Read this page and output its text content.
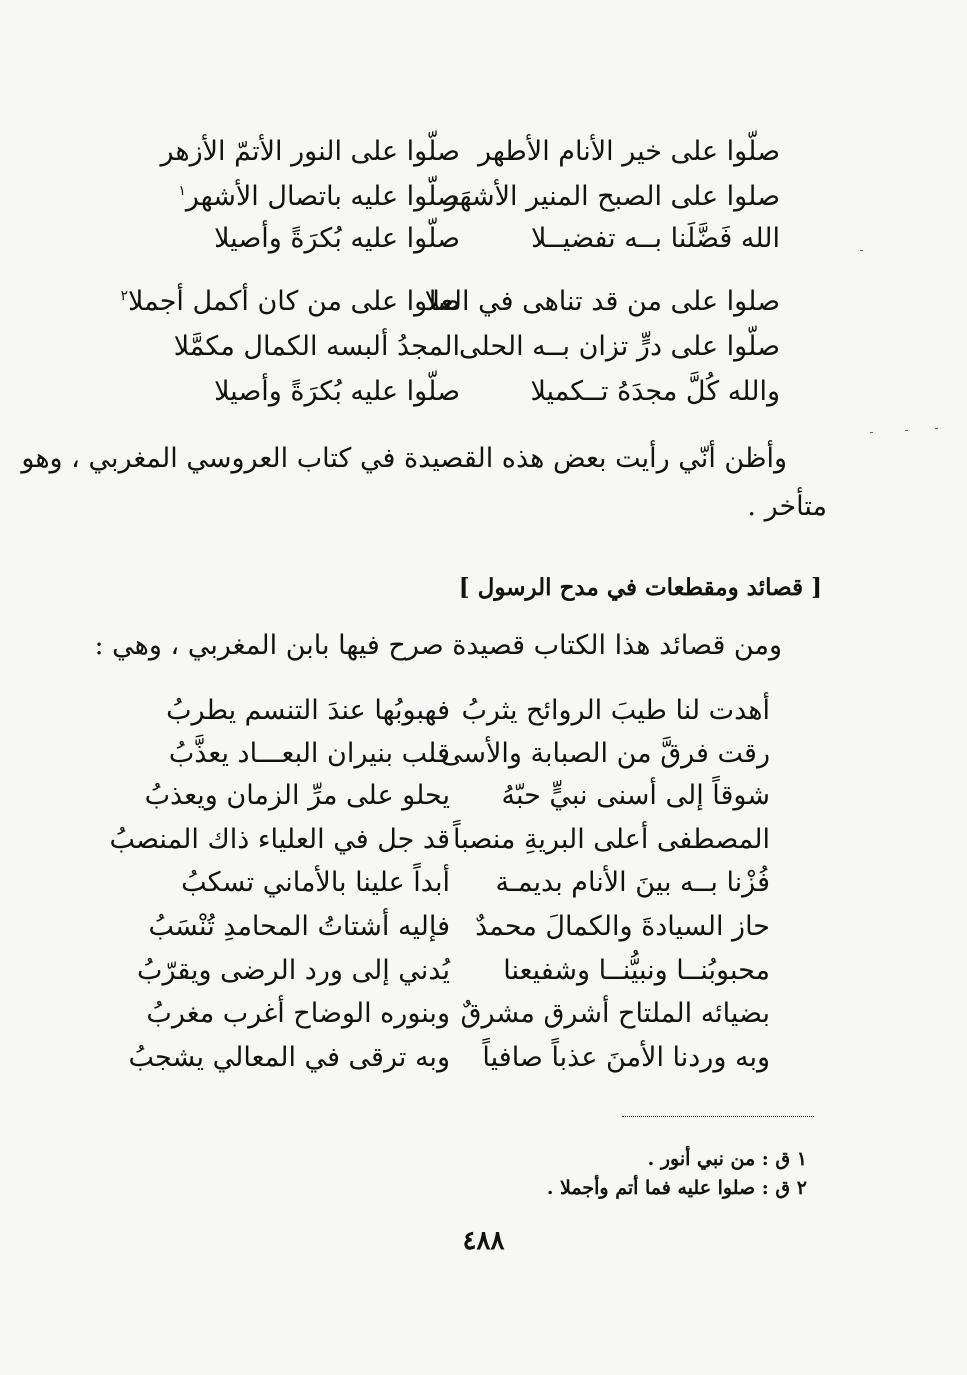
صلّوا على خير الأنام الأطهر
صلّوا على النور الأتمّ الأزهر
صلوا على الصبح المنير الأشهَر
صلّوا عليه باتصال الأشهر$^١$
الله فَضَّلَنا بــه تفضيــلا
صلّوا عليه بُكرَةً وأصيلا
صلوا على من قد تناهى في العلا
صلوا على من كان أكمل أجملا$^٢$
صلّوا على درٍّ تزان بــه الحلى
المجدُ ألبسه الكمال مكمَّلا
والله كُلَّ مجدَهُ تــكميلا
صلّوا عليه بُكرَةً وأصيلا
وأظن أنّي رأيت بعض هذه القصيدة في كتاب العروسي المغربي ، وهو
متأخر .
[ قصائد ومقطعات في مدح الرسول ]
ومن قصائد هذا الكتاب قصيدة صرح فيها بابن المغربي ، وهي :
أهدت لنا طيبَ الروائح يثربُ
فهبوبُها عندَ التنسم يطربُ
رقت فرقَّ من الصبابة والأسى
قلب بنيران البعـــاد يعذَّبُ
شوقاً إلى أسنى نبيٍّ حبّهُ
يحلو على مرِّ الزمان ويعذبُ
المصطفى أعلى البريةِ منصباً
قد جل في العلياء ذاك المنصبُ
فُزْنا بــه بينَ الأنام بديمـة
أبداً علينا بالأماني تسكبُ
حاز السيادةَ والكمالَ محمدٌ
فإليه أشتاتُ المحامدِ تُنْسَبُ
محبوبُنــا ونبيُّنــا وشفيعنا
يُدني إلى ورد الرضى ويقرّبُ
بضيائه الملتاح أشرق مشرقٌ
وبنوره الوضاح أغرب مغربُ
وبه وردنا الأمنَ عذباً صافياً
وبه ترقى في المعالي يشجبُ
١ ق : من نبي أنور .
٢ ق : صلوا عليه فما أتم وأجملا .
٤٨٨
